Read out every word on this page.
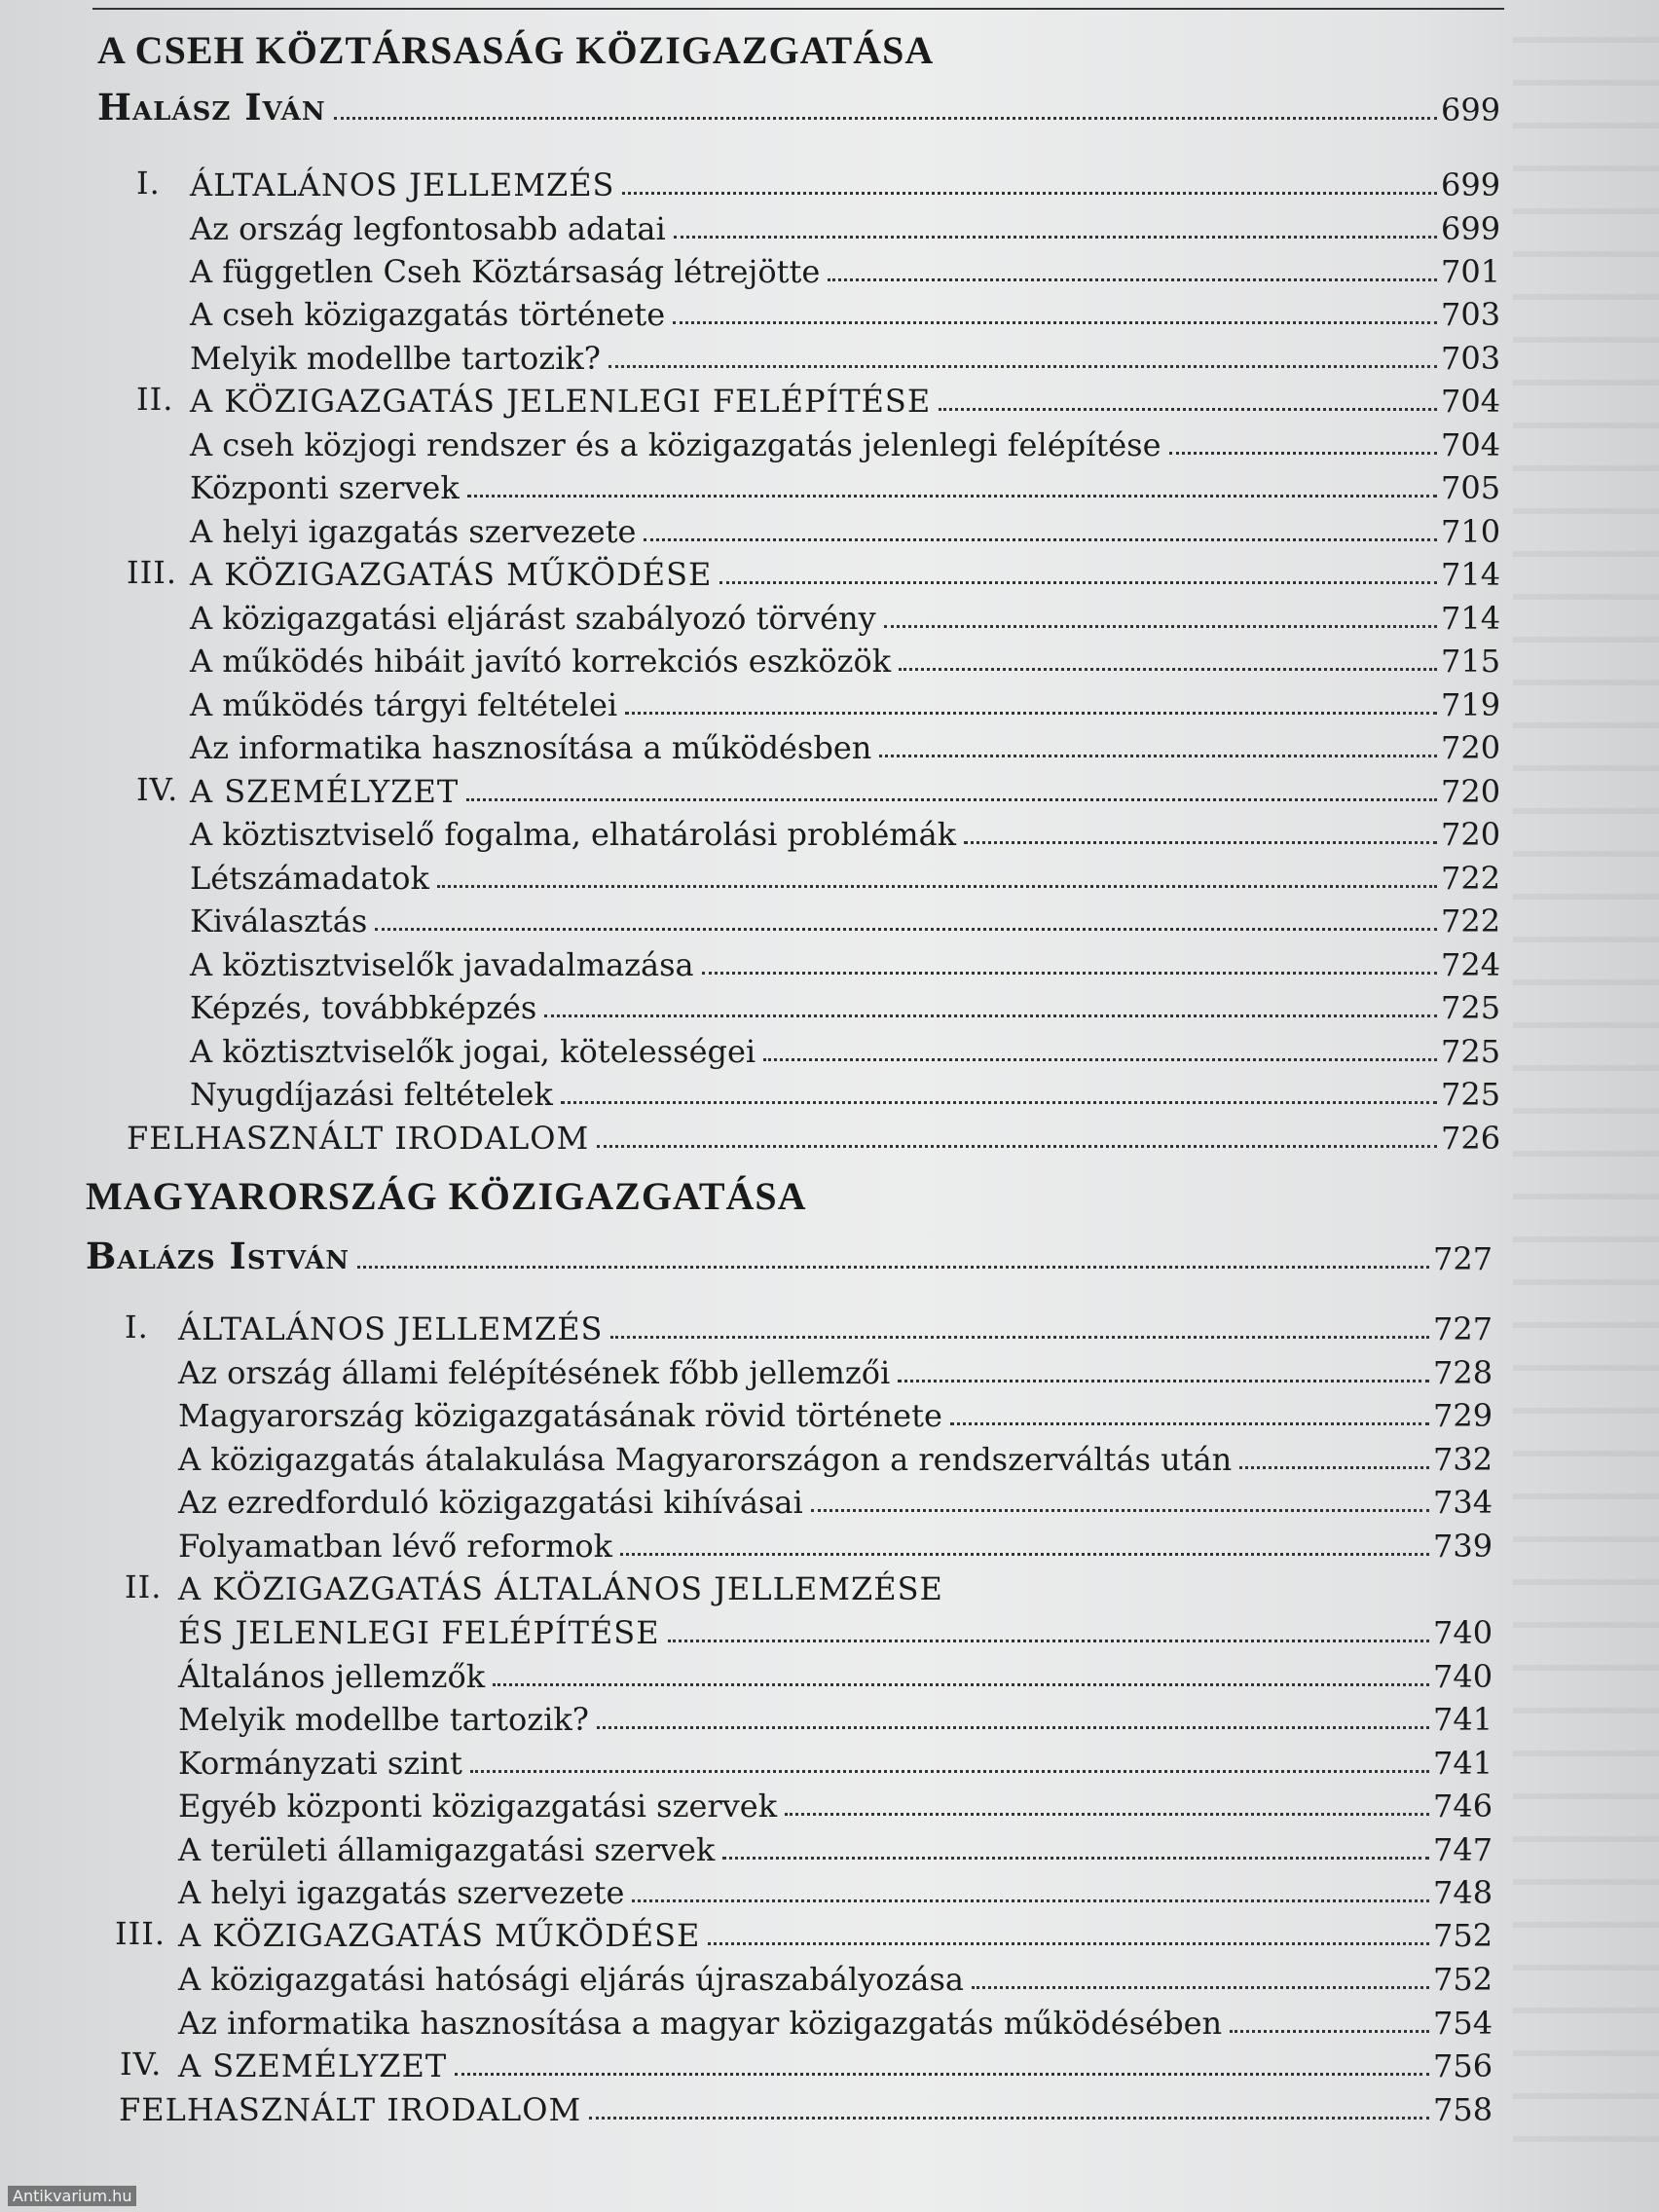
A CSEH KÖZTÁRSASÁG KÖZIGAZGATÁSA
Halász Iván	699
I. ÁLTALÁNOS JELLEMZÉS	699
Az ország legfontosabb adatai	699
A független Cseh Köztársaság létrejötte	701
A cseh közigazgatás története	703
Melyik modellbe tartozik?	703
II. A KÖZIGAZGATÁS JELENLEGI FELÉPÍTÉSE	704
A cseh közjogi rendszer és a közigazgatás jelenlegi felépítése	704
Központi szervek	705
A helyi igazgatás szervezete	710
III. A KÖZIGAZGATÁS MŰKÖDÉSE	714
A közigazgatási eljárást szabályozó törvény	714
A működés hibáit javító korrekciós eszközök	715
A működés tárgyi feltételei	719
Az informatika hasznosítása a működésben	720
IV. A SZEMÉLYZET	720
A köztisztviselő fogalma, elhatárolási problémák	720
Létszámadatok	722
Kiválasztás	722
A köztisztviselők javadalmazása	724
Képzés, továbbképzés	725
A köztisztviselők jogai, kötelességei	725
Nyugdíjazási feltételek	725
FELHASZNÁLT IRODALOM	726
MAGYARORSZÁG KÖZIGAZGATÁSA
Balázs István	727
I. ÁLTALÁNOS JELLEMZÉS	727
Az ország állami felépítésének főbb jellemzői	728
Magyarország közigazgatásának rövid története	729
A közigazgatás átalakulása Magyarországon a rendszerváltás után	732
Az ezredforduló közigazgatási kihívásai	734
Folyamatban lévő reformok	739
II. A KÖZIGAZGATÁS ÁLTALÁNOS JELLEMZÉSE
ÉS JELENLEGI FELÉPÍTÉSE	740
Általános jellemzők	740
Melyik modellbe tartozik?	741
Kormányzati szint	741
Egyéb központi közigazgatási szervek	746
A területi államigazgatási szervek	747
A helyi igazgatás szervezete	748
III. A KÖZIGAZGATÁS MŰKÖDÉSE	752
A közigazgatási hatósági eljárás újraszabályozása	752
Az informatika hasznosítása a magyar közigazgatás működésében	754
IV. A SZEMÉLYZET	756
FELHASZNÁLT IRODALOM	758
Antikvarium.hu
